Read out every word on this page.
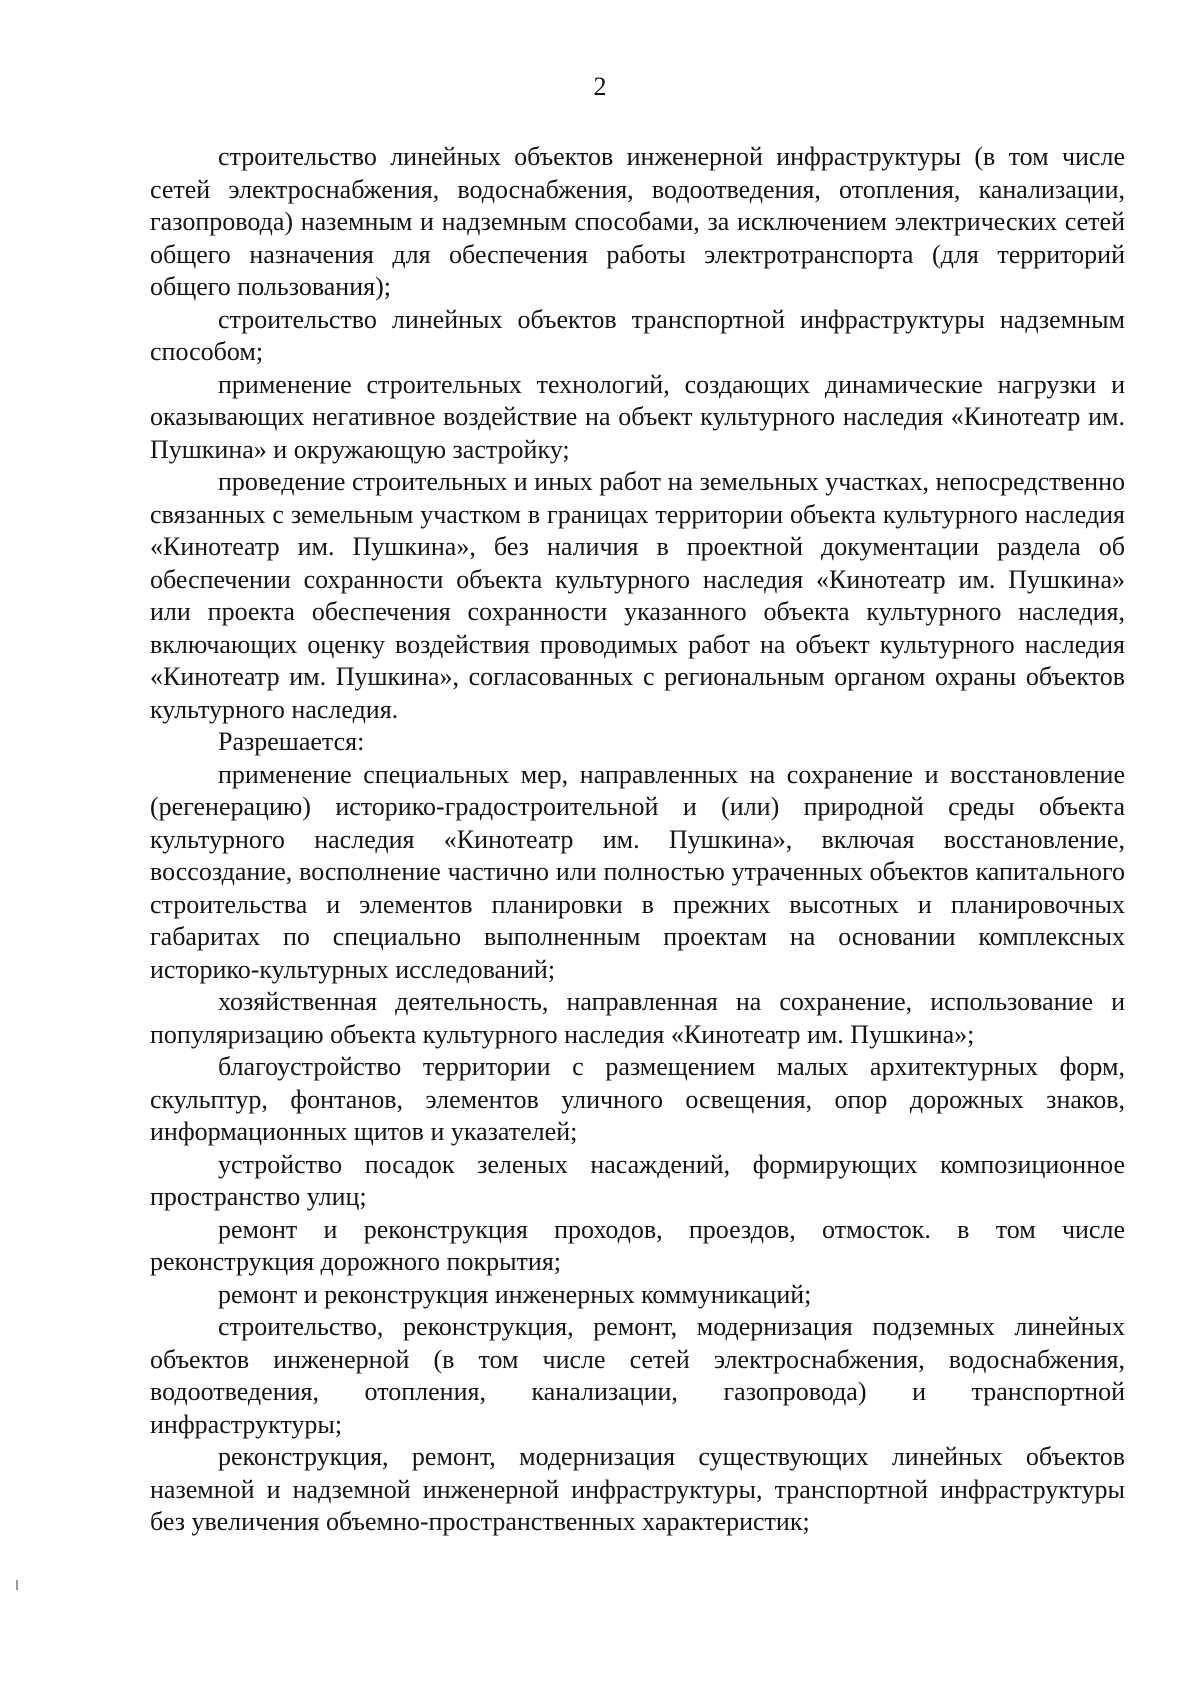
2

строительство линейных объектов инженерной инфраструктуры (в том числе сетей электроснабжения, водоснабжения, водоотведения, отопления, канализации, газопровода) наземным и надземным способами, за исключением электрических сетей общего назначения для обеспечения работы электротранспорта (для территорий общего пользования);

строительство линейных объектов транспортной инфраструктуры надземным способом;

применение строительных технологий, создающих динамические нагрузки и оказывающих негативное воздействие на объект культурного наследия «Кинотеатр им. Пушкина» и окружающую застройку;

проведение строительных и иных работ на земельных участках, непосредственно связанных с земельным участком в границах территории объекта культурного наследия «Кинотеатр им. Пушкина», без наличия в проектной документации раздела об обеспечении сохранности объекта культурного наследия «Кинотеатр им. Пушкина» или проекта обеспечения сохранности указанного объекта культурного наследия, включающих оценку воздействия проводимых работ на объект культурного наследия «Кинотеатр им. Пушкина», согласованных с региональным органом охраны объектов культурного наследия.

Разрешается:

применение специальных мер, направленных на сохранение и восстановление (регенерацию) историко-градостроительной и (или) природной среды объекта культурного наследия «Кинотеатр им. Пушкина», включая восстановление, воссоздание, восполнение частично или полностью утраченных объектов капитального строительства и элементов планировки в прежних высотных и планировочных габаритах по специально выполненным проектам на основании комплексных историко-культурных исследований;

хозяйственная деятельность, направленная на сохранение, использование и популяризацию объекта культурного наследия «Кинотеатр им. Пушкина»;

благоустройство территории с размещением малых архитектурных форм, скульптур, фонтанов, элементов уличного освещения, опор дорожных знаков, информационных щитов и указателей;

устройство посадок зеленых насаждений, формирующих композиционное пространство улиц;

ремонт и реконструкция проходов, проездов, отмосток. в том числе реконструкция дорожного покрытия;

ремонт и реконструкция инженерных коммуникаций;

строительство, реконструкция, ремонт, модернизация подземных линейных объектов инженерной (в том числе сетей электроснабжения, водоснабжения, водоотведения, отопления, канализации, газопровода) и транспортной инфраструктуры;

реконструкция, ремонт, модернизация существующих линейных объектов наземной и надземной инженерной инфраструктуры, транспортной инфраструктуры без увеличения объемно-пространственных характеристик;
